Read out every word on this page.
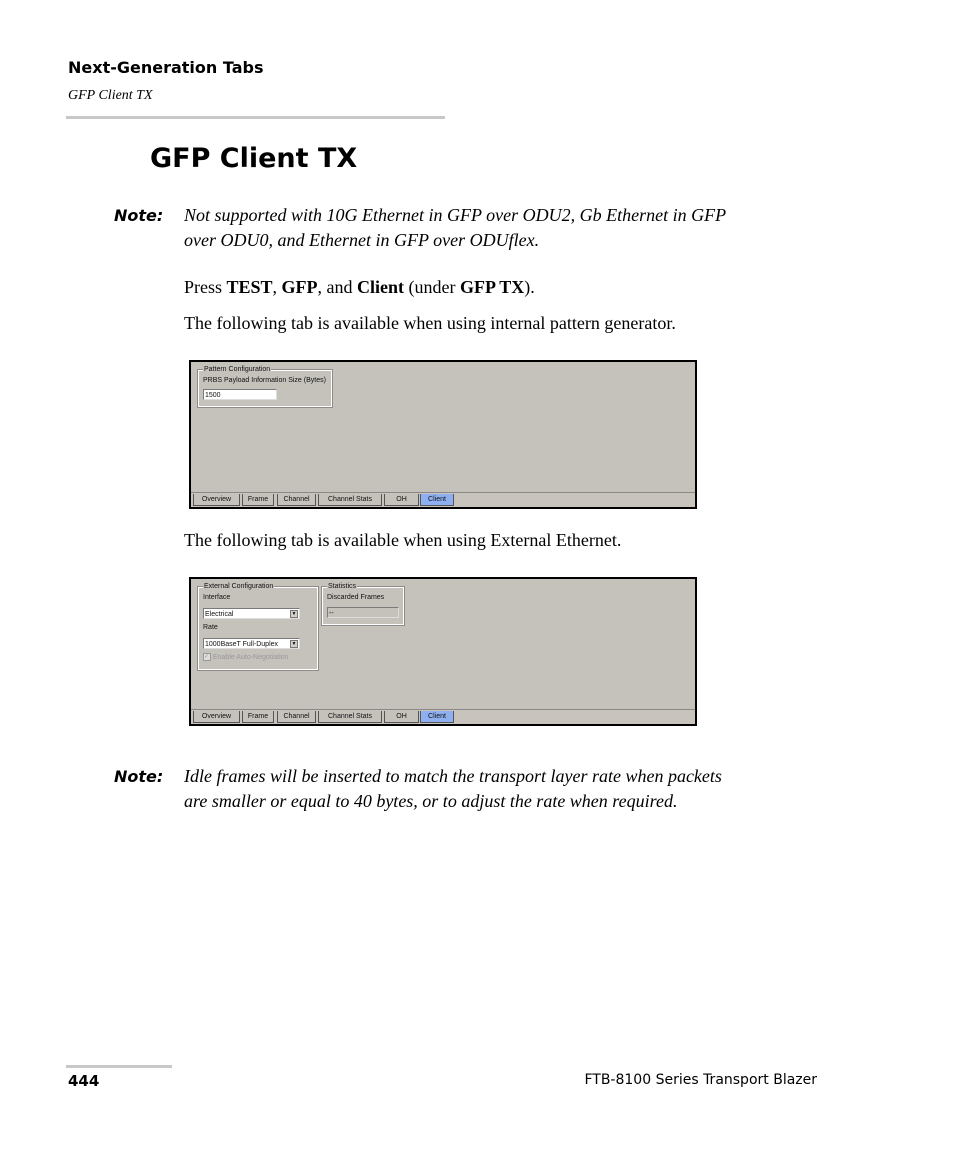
Next-Generation Tabs
GFP Client TX
GFP Client TX
Note: Not supported with 10G Ethernet in GFP over ODU2, Gb Ethernet in GFP
over ODU0, and Ethernet in GFP over ODUflex.
Press TEST, GFP, and Client (under GFP TX).
The following tab is available when using internal pattern generator.
Pattern Configuration
PRBS Payload Information Size (Bytes)
1500
Overview	Frame	Channel	Channel Stats	OH	Client
The following tab is available when using External Ethernet.
External Configuration
Interface
Electrical	▼
Rate
1000BaseT Full-Duplex	▼
✓ Enable Auto-Negotiation
Statistics
Discarded Frames
--
Overview	Frame	Channel	Channel Stats	OH	Client
Note: Idle frames will be inserted to match the transport layer rate when packets
are smaller or equal to 40 bytes, or to adjust the rate when required.
444	FTB-8100 Series Transport Blazer
